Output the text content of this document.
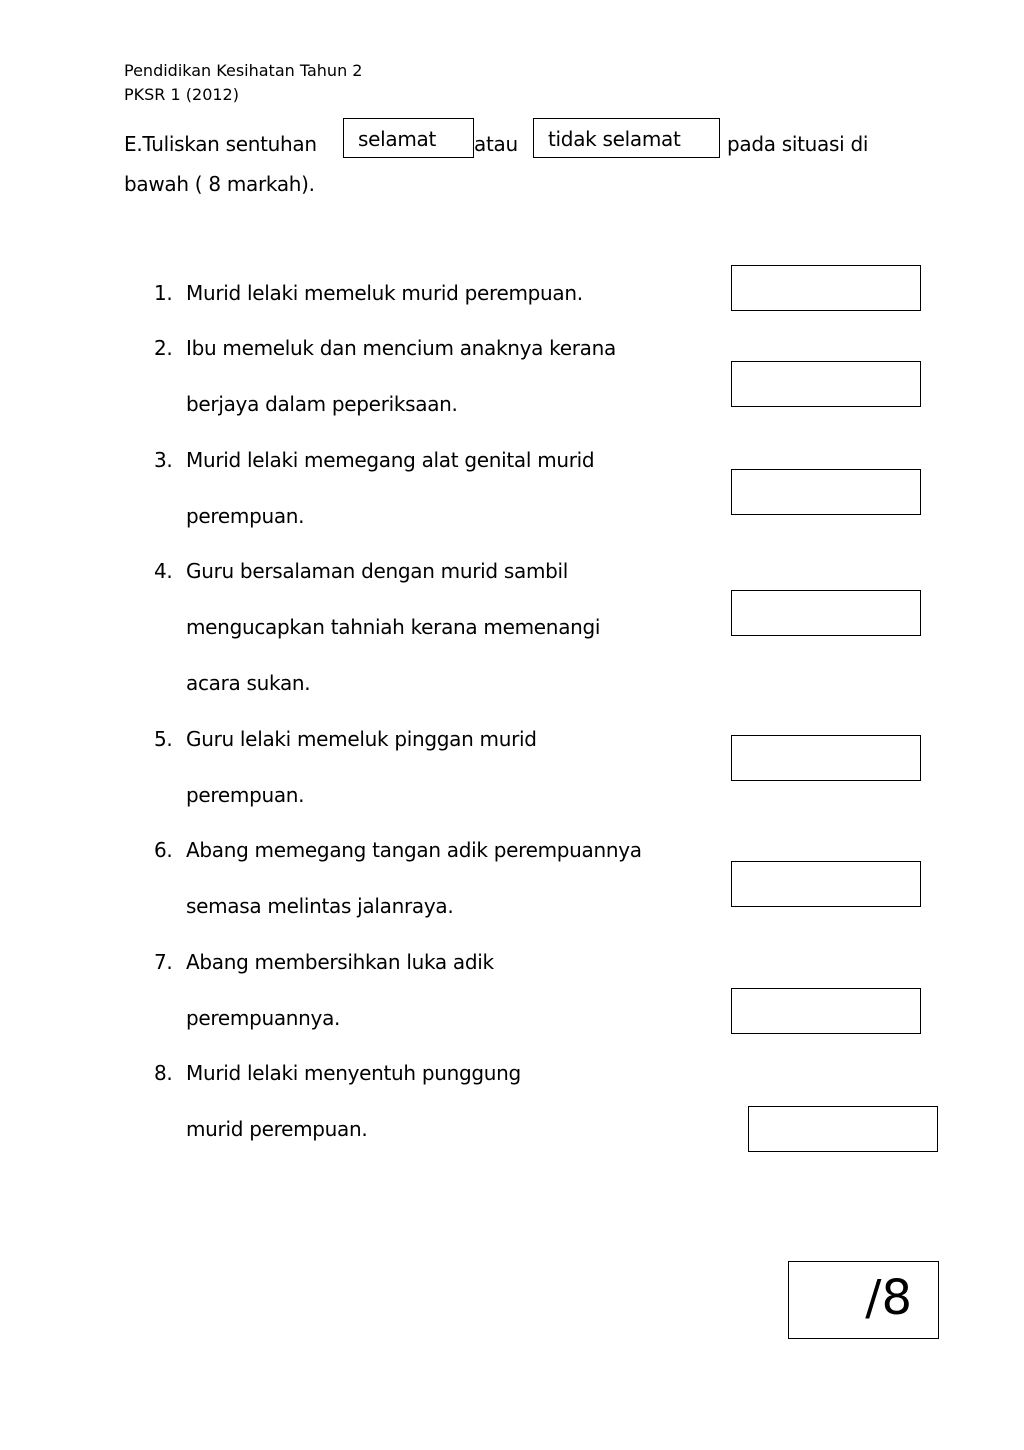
Pendidikan Kesihatan Tahun 2
PKSR 1 (2012)
E.Tuliskan sentuhan	selamat	atau	tidak selamat	pada situasi di
bawah ( 8 markah).
1. Murid lelaki memeluk murid perempuan.
2. Ibu memeluk dan mencium anaknya kerana
berjaya dalam peperiksaan.
3. Murid lelaki memegang alat genital murid
perempuan.
4. Guru bersalaman dengan murid sambil
mengucapkan tahniah kerana memenangi
acara sukan.
5. Guru lelaki memeluk pinggan murid
perempuan.
6. Abang memegang tangan adik perempuannya
semasa melintas jalanraya.
7. Abang membersihkan luka adik
perempuannya.
8. Murid lelaki menyentuh punggung
murid perempuan.
/8
